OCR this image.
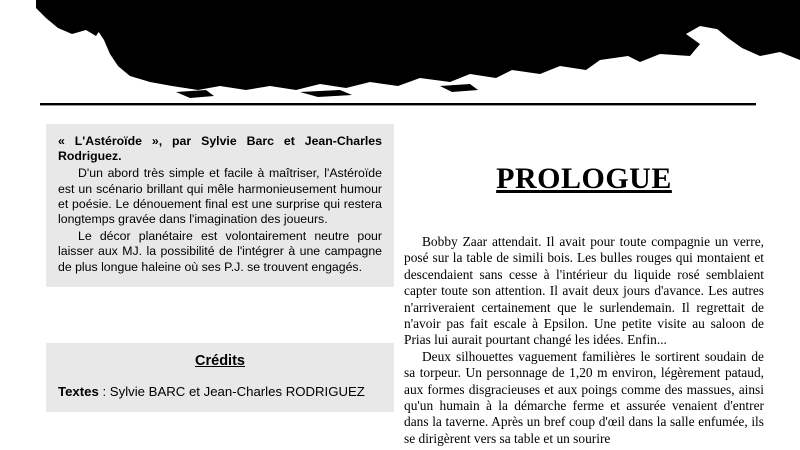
« L'Astéroïde », par Sylvie Barc et Jean-Charles Rodriguez.

D'un abord très simple et facile à maîtriser, l'Astéroïde est un scénario brillant qui mêle harmonieusement humour et poésie. Le dénouement final est une surprise qui restera longtemps gravée dans l'imagination des joueurs.

Le décor planétaire est volontairement neutre pour laisser aux MJ. la possibilité de l'intégrer à une campagne de plus longue haleine où ses P.J. se trouvent engagés.

Crédits

Textes : Sylvie BARC et Jean-Charles RODRIGUEZ

PROLOGUE

Bobby Zaar attendait. Il avait pour toute compagnie un verre, posé sur la table de simili bois. Les bulles rouges qui montaient et descendaient sans cesse à l'intérieur du liquide rosé semblaient capter toute son attention. Il avait deux jours d'avance. Les autres n'arriveraient certainement que le surlendemain. Il regrettait de n'avoir pas fait escale à Epsilon. Une petite visite au saloon de Prias lui aurait pourtant changé les idées. Enfin...

Deux silhouettes vaguement familières le sortirent soudain de sa torpeur. Un personnage de 1,20 m environ, légèrement pataud, aux formes disgracieuses et aux poings comme des massues, ainsi qu'un humain à la démarche ferme et assurée venaient d'entrer dans la taverne. Après un bref coup d'œil dans la salle enfumée, ils se dirigèrent vers sa table et un sourire
